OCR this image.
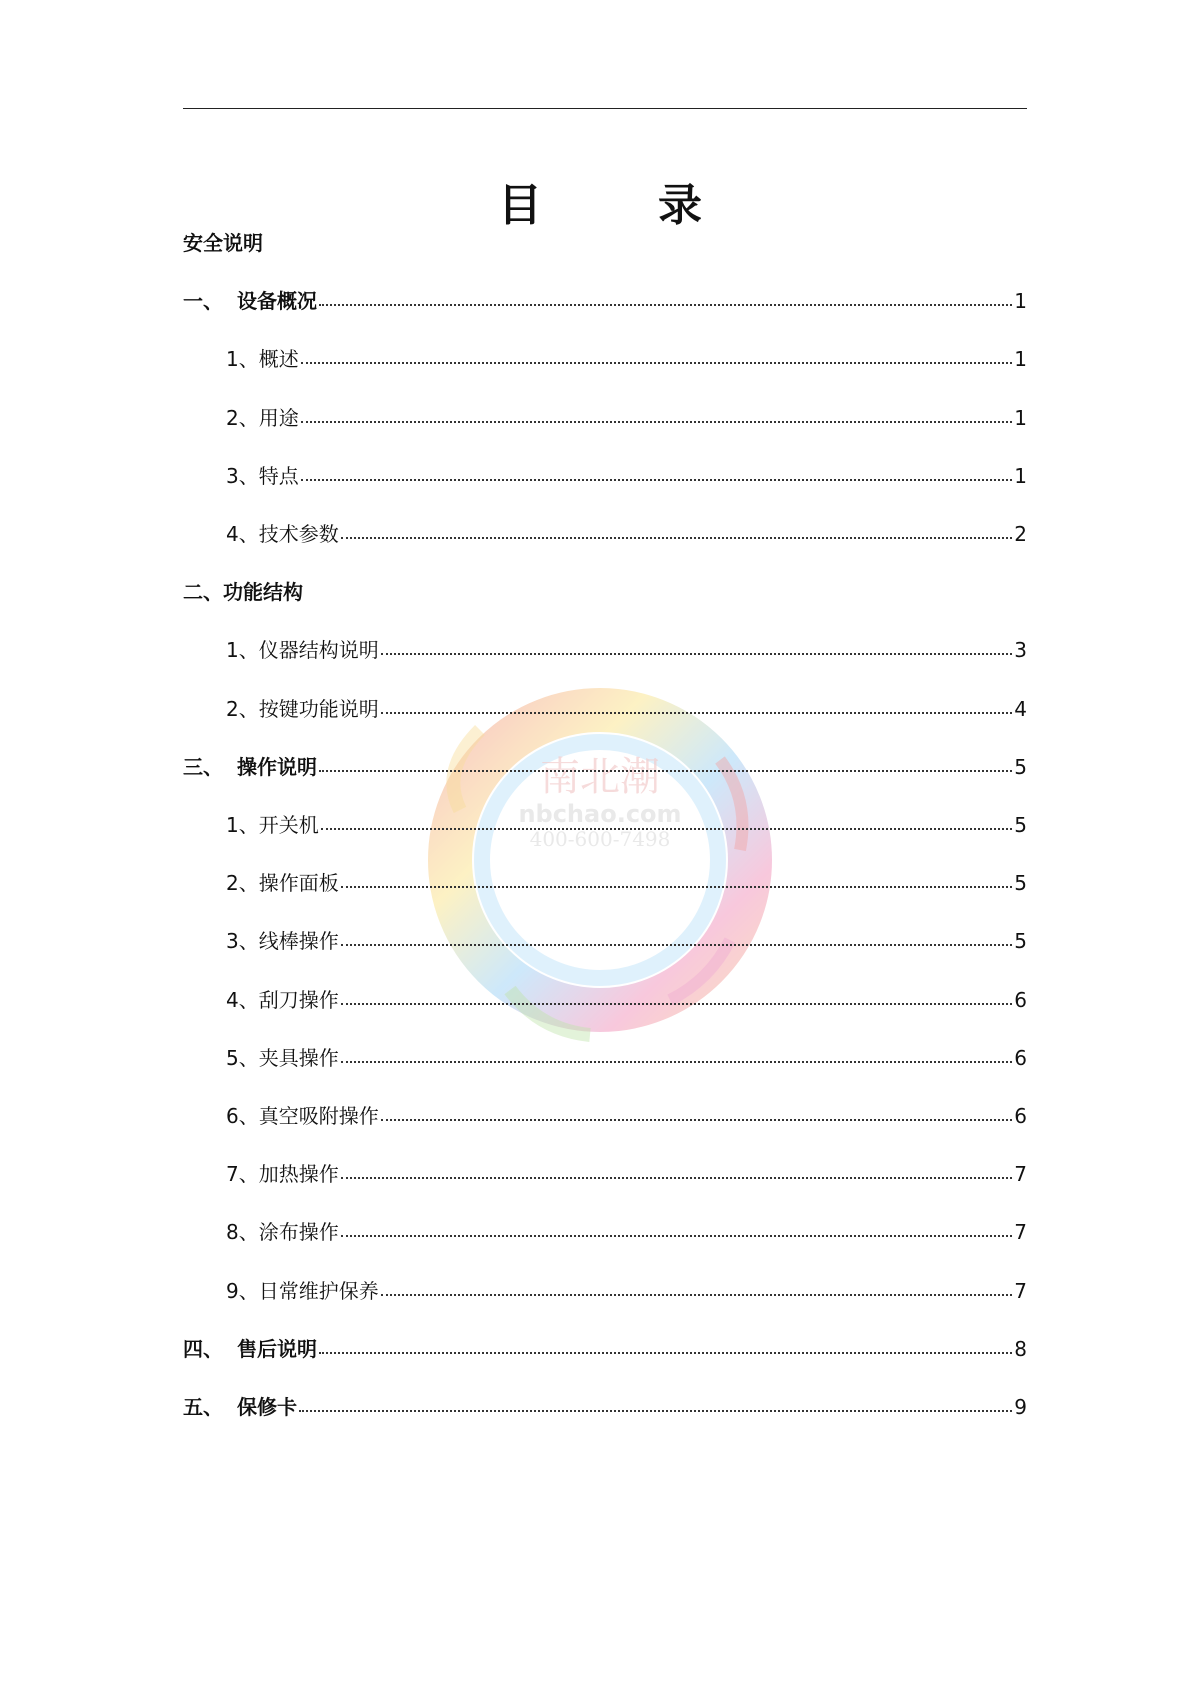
目　录
南北潮
nbchao.com
400-600-7498
安全说明
一、 设备概况	1
1、 概述	1
2、 用途	1
3、 特点	1
4、 技术参数	2
二、 功能结构
1、 仪器结构说明	3
2、 按键功能说明	4
三、 操作说明	5
1、 开关机	5
2、 操作面板	5
3、 线棒操作	5
4、 刮刀操作	6
5、 夹具操作	6
6、 真空吸附操作	6
7、 加热操作	7
8、 涂布操作	7
9、 日常维护保养	7
四、 售后说明	8
五、 保修卡	9
